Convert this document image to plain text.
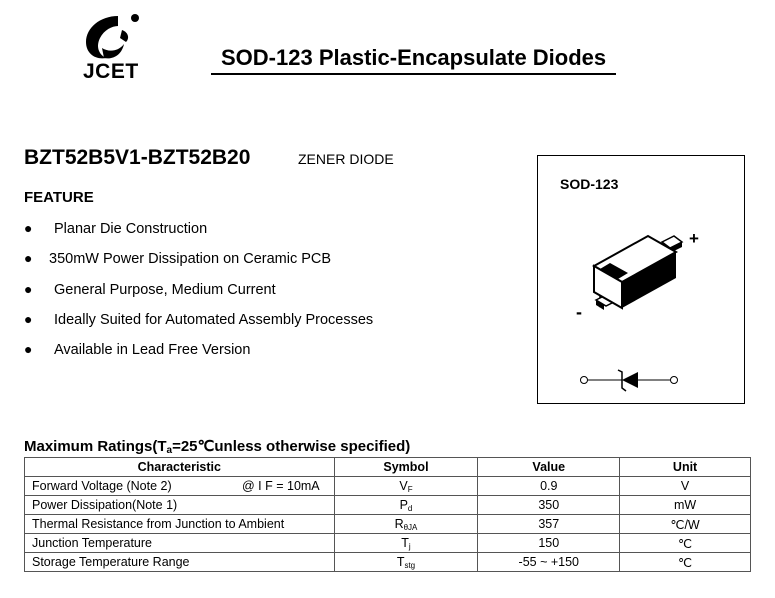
JCET
SOD-123 Plastic-Encapsulate Diodes
BZT52B5V1-BZT52B20	ZENER DIODE
FEATURE
● Planar Die Construction
● 350mW Power Dissipation on Ceramic PCB
● General Purpose, Medium Current
● Ideally Suited for Automated Assembly Processes
● Available in Lead Free Version
SOD-123
+
-
Maximum $Ratings(T_a=25℃unless$ otherwise specified)
Characteristic	Symbol	Value	Unit
Forward Voltage (Note 2) @ I F = 10mA	VF	0.9	V
Power Dissipation(Note 1)	Pd	350	mW
Thermal Resistance from Junction to Ambient	RθJA	357	℃/W
Junction Temperature	Tj	150	℃
Storage Temperature Range	Tstg	-55 ~ +150	℃
